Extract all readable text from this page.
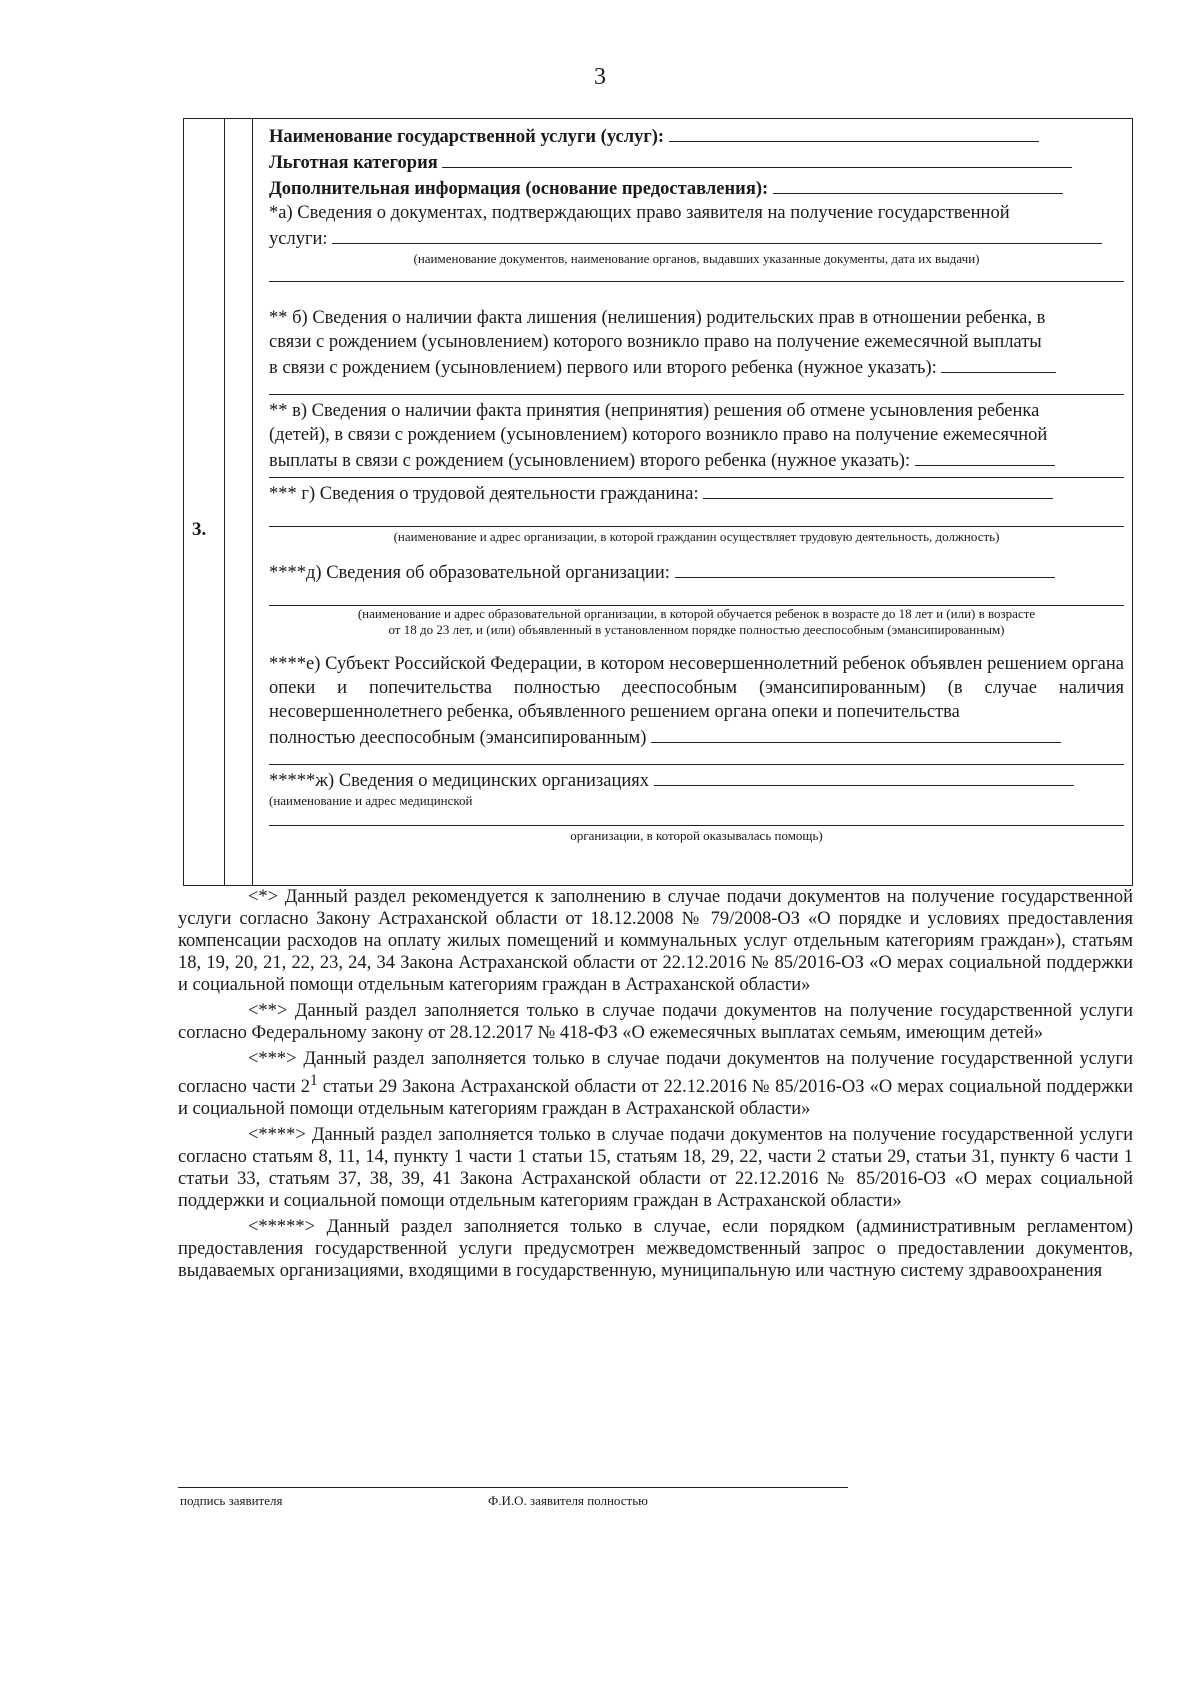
3
3.
Наименование государственной услуги (услуг):
Льготная категория
Дополнительная информация (основание предоставления):
*а) Сведения о документах, подтверждающих право заявителя на получение государственной
услуги:
(наименование документов, наименование органов, выдавших указанные документы, дата их выдачи)
** б) Сведения о наличии факта лишения (нелишения) родительских прав в отношении ребенка, в
связи с рождением (усыновлением) которого возникло право на получение ежемесячной выплаты
в связи с рождением (усыновлением) первого или второго ребенка (нужное указать):
** в) Сведения о наличии факта принятия (непринятия) решения об отмене усыновления ребенка
(детей), в связи с рождением (усыновлением) которого возникло право на получение ежемесячной
выплаты в связи с рождением (усыновлением) второго ребенка (нужное указать):
*** г) Сведения о трудовой деятельности гражданина:
(наименование и адрес организации, в которой гражданин осуществляет трудовую деятельность, должность)
****д) Сведения об образовательной организации:
(наименование и адрес образовательной организации, в которой обучается ребенок в возрасте до 18 лет и (или) в возрасте
от 18 до 23 лет, и (или) объявленный в установленном порядке полностью дееспособным (эмансипированным)
****е) Субъект Российской Федерации, в котором несовершеннолетний ребенок объявлен решением органа опеки и попечительства полностью дееспособным (эмансипированным) (в случае наличия несовершеннолетнего ребенка, объявленного решением органа опеки и попечительства
полностью дееспособным (эмансипированным)
*****ж) Сведения о медицинских организациях
(наименование и адрес медицинской
организации, в которой оказывалась помощь)

<*> Данный раздел рекомендуется к заполнению в случае подачи документов на получение государственной услуги согласно Закону Астраханской области от 18.12.2008 № 79/2008-ОЗ «О порядке и условиях предоставления компенсации расходов на оплату жилых помещений и коммунальных услуг отдельным категориям граждан»), статьям 18, 19, 20, 21, 22, 23, 24, 34 Закона Астраханской области от 22.12.2016 № 85/2016-ОЗ «О мерах социальной поддержки и социальной помощи отдельным категориям граждан в Астраханской области»

<**> Данный раздел заполняется только в случае подачи документов на получение государственной услуги согласно Федеральному закону от 28.12.2017 № 418-ФЗ «О ежемесячных выплатах семьям, имеющим детей»

<***> Данный раздел заполняется только в случае подачи документов на получение государственной услуги согласно части $2^1$ статьи 29 Закона Астраханской области от 22.12.2016 № 85/2016-ОЗ «О мерах социальной поддержки и социальной помощи отдельным категориям граждан в Астраханской области»

<****> Данный раздел заполняется только в случае подачи документов на получение государственной услуги согласно статьям 8, 11, 14, пункту 1 части 1 статьи 15, статьям 18, 29, 22, части 2 статьи 29, статьи 31, пункту 6 части 1 статьи 33, статьям 37, 38, 39, 41 Закона Астраханской области от 22.12.2016 № 85/2016-ОЗ «О мерах социальной поддержки и социальной помощи отдельным категориям граждан в Астраханской области»

<*****> Данный раздел заполняется только в случае, если порядком (административным регламентом) предоставления государственной услуги предусмотрен межведомственный запрос о предоставлении документов, выдаваемых организациями, входящими в государственную, муниципальную или частную систему здравоохранения

подпись заявителя	Ф.И.О. заявителя полностью
